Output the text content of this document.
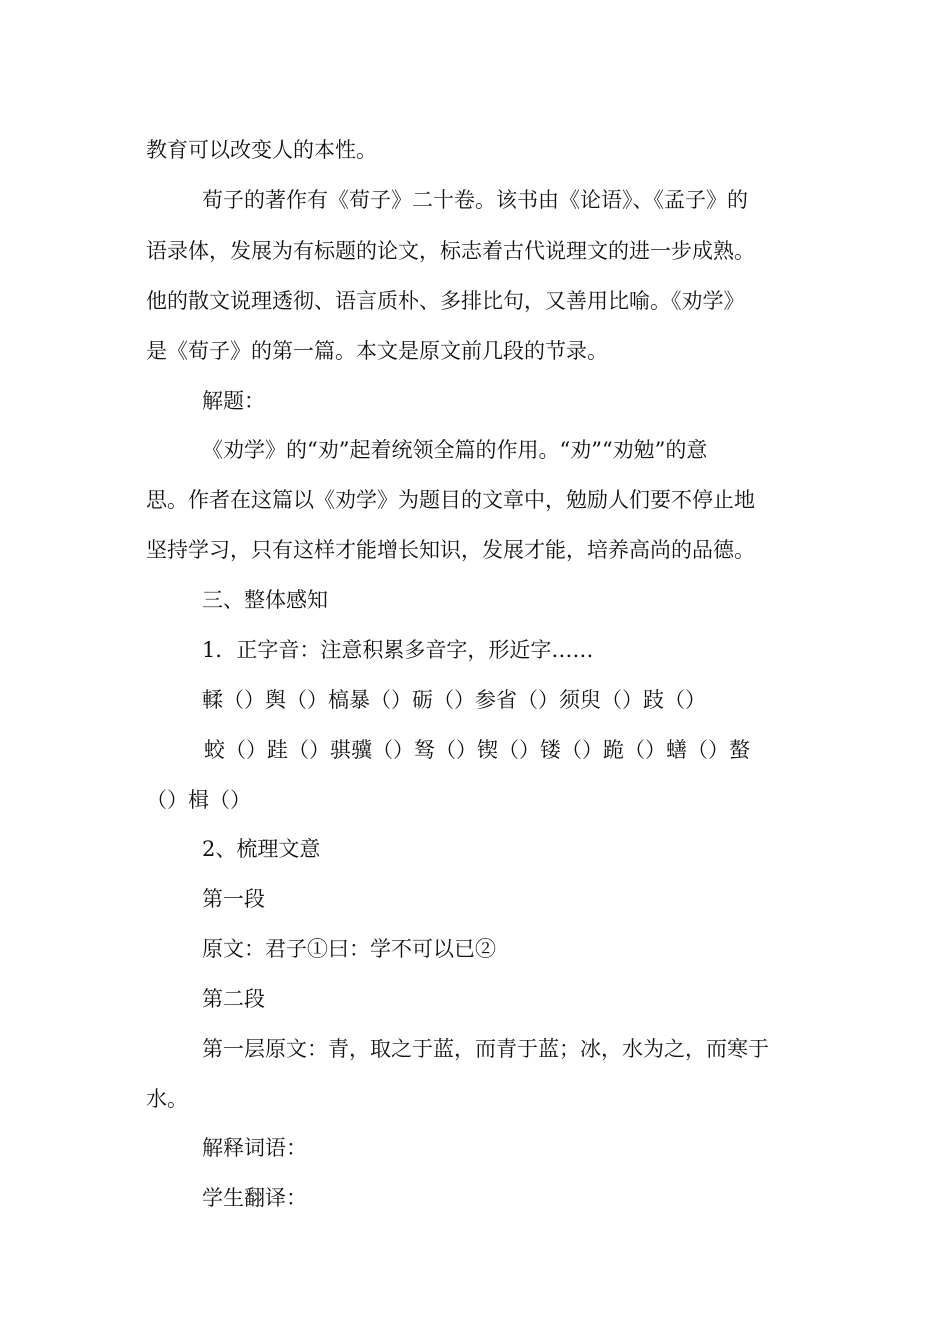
教育可以改变人的本性。
荀子的著作有《荀子》二十卷。该书由《论语》、《孟子》的
语录体，发展为有标题的论文，标志着古代说理文的进一步成熟。
他的散文说理透彻、语言质朴、多排比句，又善用比喻。《劝学》
是《荀子》的第一篇。本文是原文前几段的节录。
解题：
《劝学》的“劝”起着统领全篇的作用。“劝”“劝勉”的意
思。作者在这篇以《劝学》为题目的文章中，勉励人们要不停止地
坚持学习，只有这样才能增长知识，发展才能，培养高尚的品德。
三、整体感知
1．正字音：注意积累多音字，形近字……
輮（）舆（）槁暴（）砺（）参省（）须臾（）跂（）
蛟（）跬（）骐骥（）驽（）锲（）镂（）跪（）蟮（）螯
（）楫（）
2、梳理文意
第一段
原文：君子①曰：学不可以已②
第二段
第一层原文：青，取之于蓝，而青于蓝；冰，水为之，而寒于
水。
解释词语：
学生翻译：
